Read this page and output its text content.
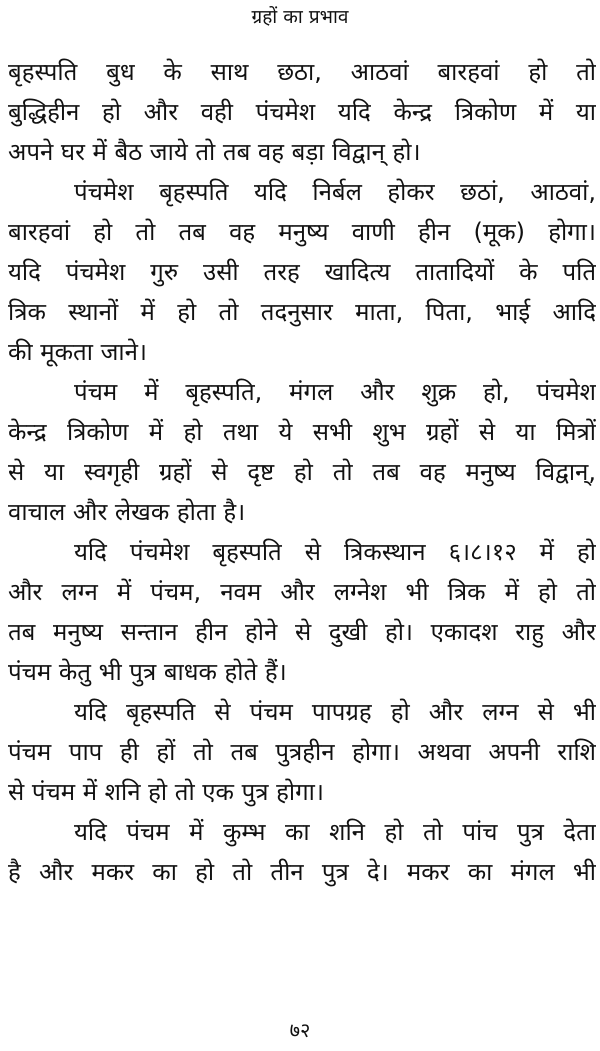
ग्रहों का प्रभाव
बृहस्पति बुध के साथ छठा, आठवां बारहवां हो तो
बुद्धिहीन हो और वही पंचमेश यदि केन्द्र त्रिकोण में या
अपने घर में बैठ जाये तो तब वह बड़ा विद्वान् हो।
पंचमेश बृहस्पति यदि निर्बल होकर छठां, आठवां,
बारहवां हो तो तब वह मनुष्य वाणी हीन (मूक) होगा।
यदि पंचमेश गुरु उसी तरह खादित्य तातादियों के पति
त्रिक स्थानों में हो तो तदनुसार माता, पिता, भाई आदि
की मूकता जाने।
पंचम में बृहस्पति, मंगल और शुक्र हो, पंचमेश
केन्द्र त्रिकोण में हो तथा ये सभी शुभ ग्रहों से या मित्रों
से या स्वगृही ग्रहों से दृष्ट हो तो तब वह मनुष्य विद्वान्,
वाचाल और लेखक होता है।
यदि पंचमेश बृहस्पति से त्रिकस्थान ६।८।१२ में हो
और लग्न में पंचम, नवम और लग्नेश भी त्रिक में हो तो
तब मनुष्य सन्तान हीन होने से दुखी हो। एकादश राहु और
पंचम केतु भी पुत्र बाधक होते हैं।
यदि बृहस्पति से पंचम पापग्रह हो और लग्न से भी
पंचम पाप ही हों तो तब पुत्रहीन होगा। अथवा अपनी राशि
से पंचम में शनि हो तो एक पुत्र होगा।
यदि पंचम में कुम्भ का शनि हो तो पांच पुत्र देता
है और मकर का हो तो तीन पुत्र दे। मकर का मंगल भी
७२
